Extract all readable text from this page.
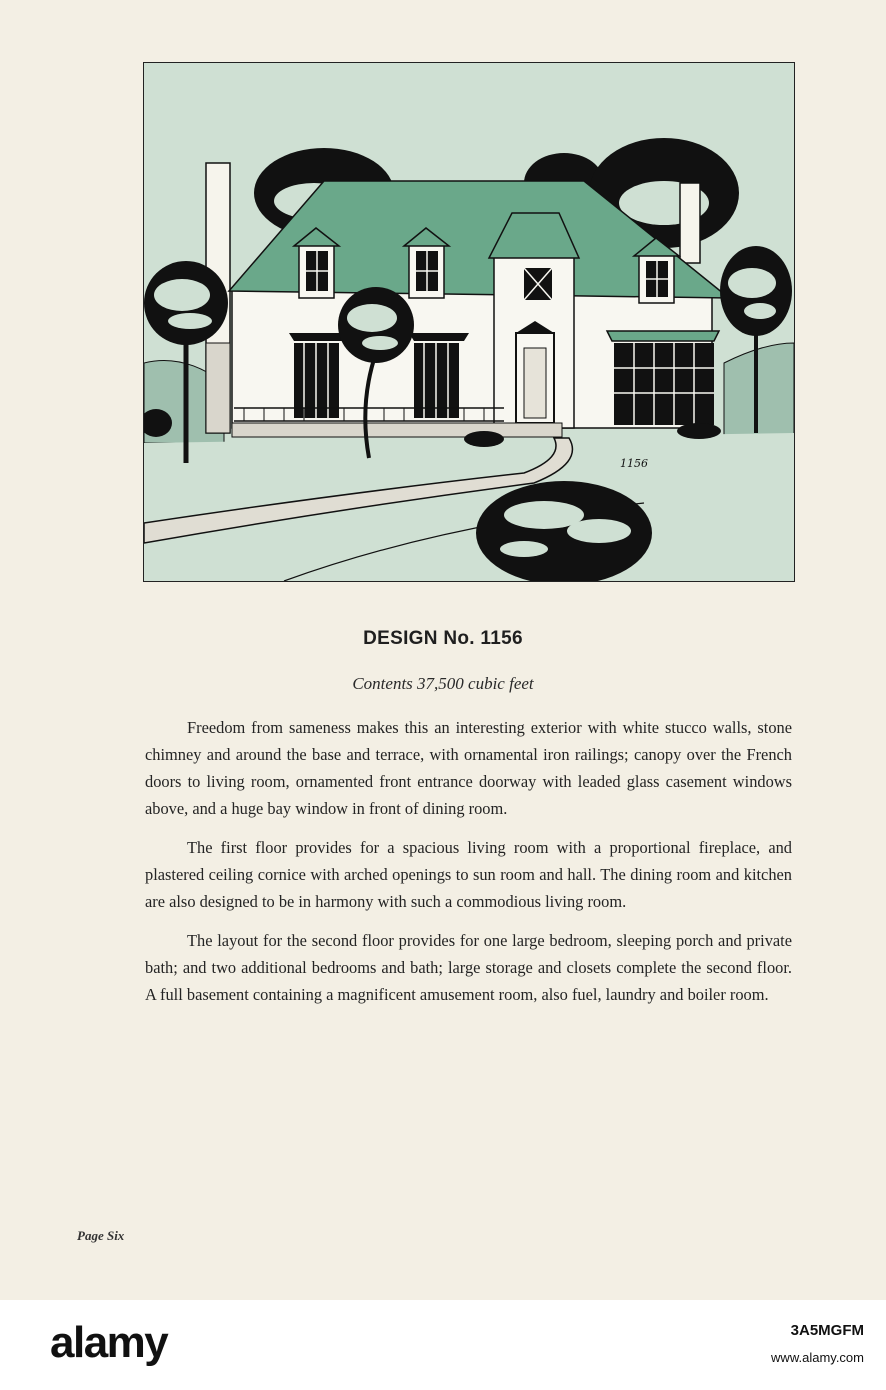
1156
DESIGN No. 1156
Contents 37,500 cubic feet

Freedom from sameness makes this an interesting exterior with white stucco walls, stone chimney and around the base and terrace, with ornamental iron railings; canopy over the French doors to living room, ornamented front entrance doorway with leaded glass casement windows above, and a huge bay window in front of dining room.

The first floor provides for a spacious living room with a proportional fireplace, and plastered ceiling cornice with arched openings to sun room and hall. The dining room and kitchen are also designed to be in harmony with such a commodious living room.

The layout for the second floor provides for one large bedroom, sleeping porch and private bath; and two additional bedrooms and bath; large storage and closets complete the second floor. A full basement containing a magnificent amusement room, also fuel, laundry and boiler room.

Page Six
alamy	3A5MGFM
www.alamy.com
